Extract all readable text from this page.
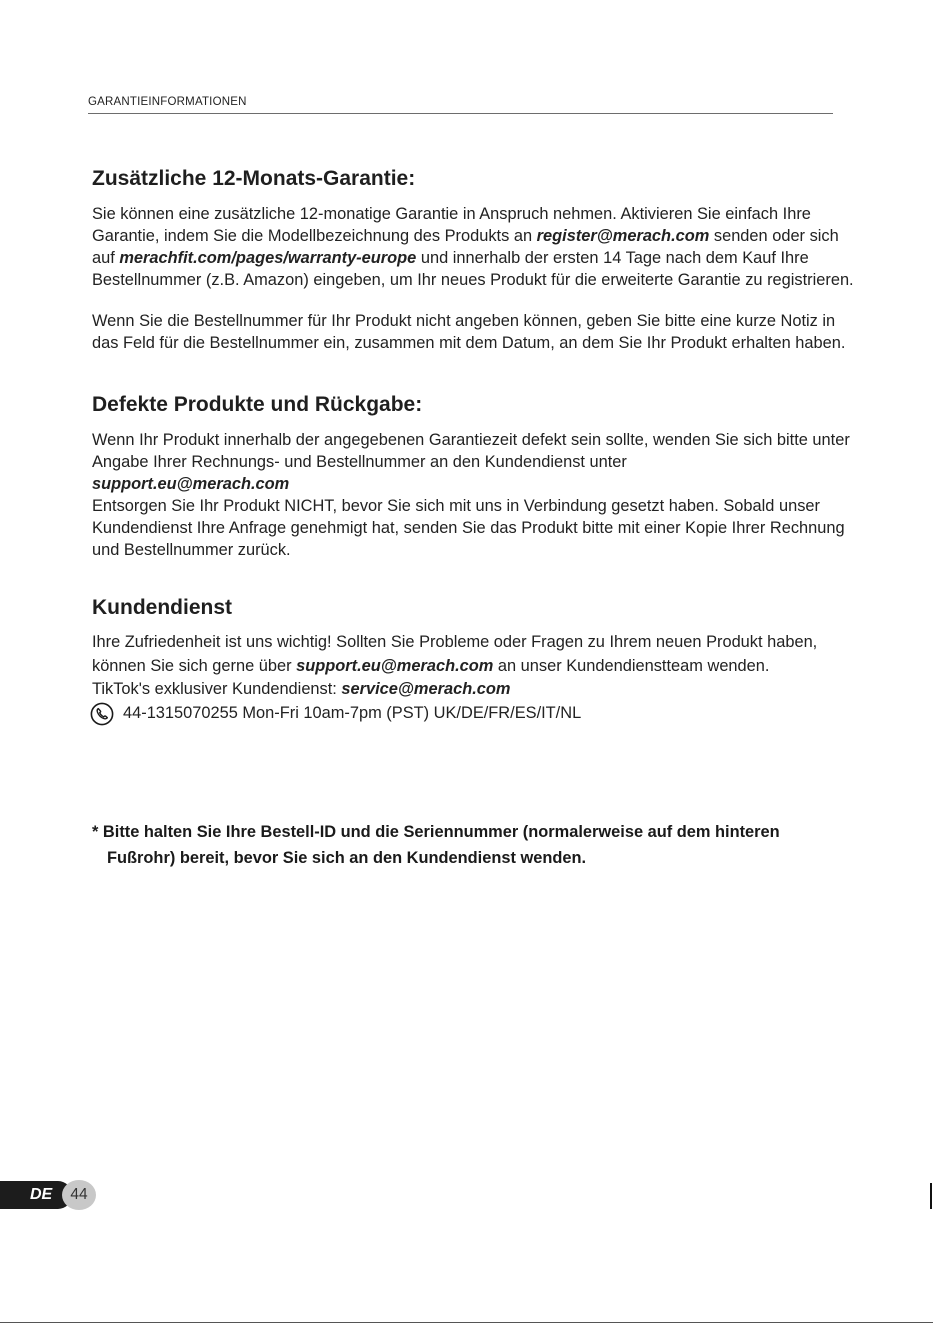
GARANTIEINFORMATIONEN
Zusätzliche 12-Monats-Garantie:

Sie können eine zusätzliche 12-monatige Garantie in Anspruch nehmen. Aktivieren Sie einfach Ihre Garantie, indem Sie die Modellbezeichnung des Produkts an register@merach.com senden oder sich auf merachfit.com/pages/warranty-europe und innerhalb der ersten 14 Tage nach dem Kauf Ihre Bestellnummer (z.B. Amazon) eingeben, um Ihr neues Produkt für die erweiterte Garantie zu registrieren.

Wenn Sie die Bestellnummer für Ihr Produkt nicht angeben können, geben Sie bitte eine kurze Notiz in das Feld für die Bestellnummer ein, zusammen mit dem Datum, an dem Sie Ihr Produkt erhalten haben.

Defekte Produkte und Rückgabe:

Wenn Ihr Produkt innerhalb der angegebenen Garantiezeit defekt sein sollte, wenden Sie sich bitte unter Angabe Ihrer Rechnungs- und Bestellnummer an den Kundendienst unter

support.eu@merach.com

Entsorgen Sie Ihr Produkt NICHT, bevor Sie sich mit uns in Verbindung gesetzt haben. Sobald unser Kundendienst Ihre Anfrage genehmigt hat, senden Sie das Produkt bitte mit einer Kopie Ihrer Rechnung und Bestellnummer zurück.

Kundendienst

Ihre Zufriedenheit ist uns wichtig! Sollten Sie Probleme oder Fragen zu Ihrem neuen Produkt haben, können Sie sich gerne über support.eu@merach.com an unser Kundendienstteam wenden.

TikTok's exklusiver Kundendienst: service@merach.com

44-1315070255 Mon-Fri 10am-7pm (PST) UK/DE/FR/ES/IT/NL
* Bitte halten Sie Ihre Bestell-ID und die Seriennummer (normalerweise auf dem hinteren
Fußrohr) bereit, bevor Sie sich an den Kundendienst wenden.
DE	44
